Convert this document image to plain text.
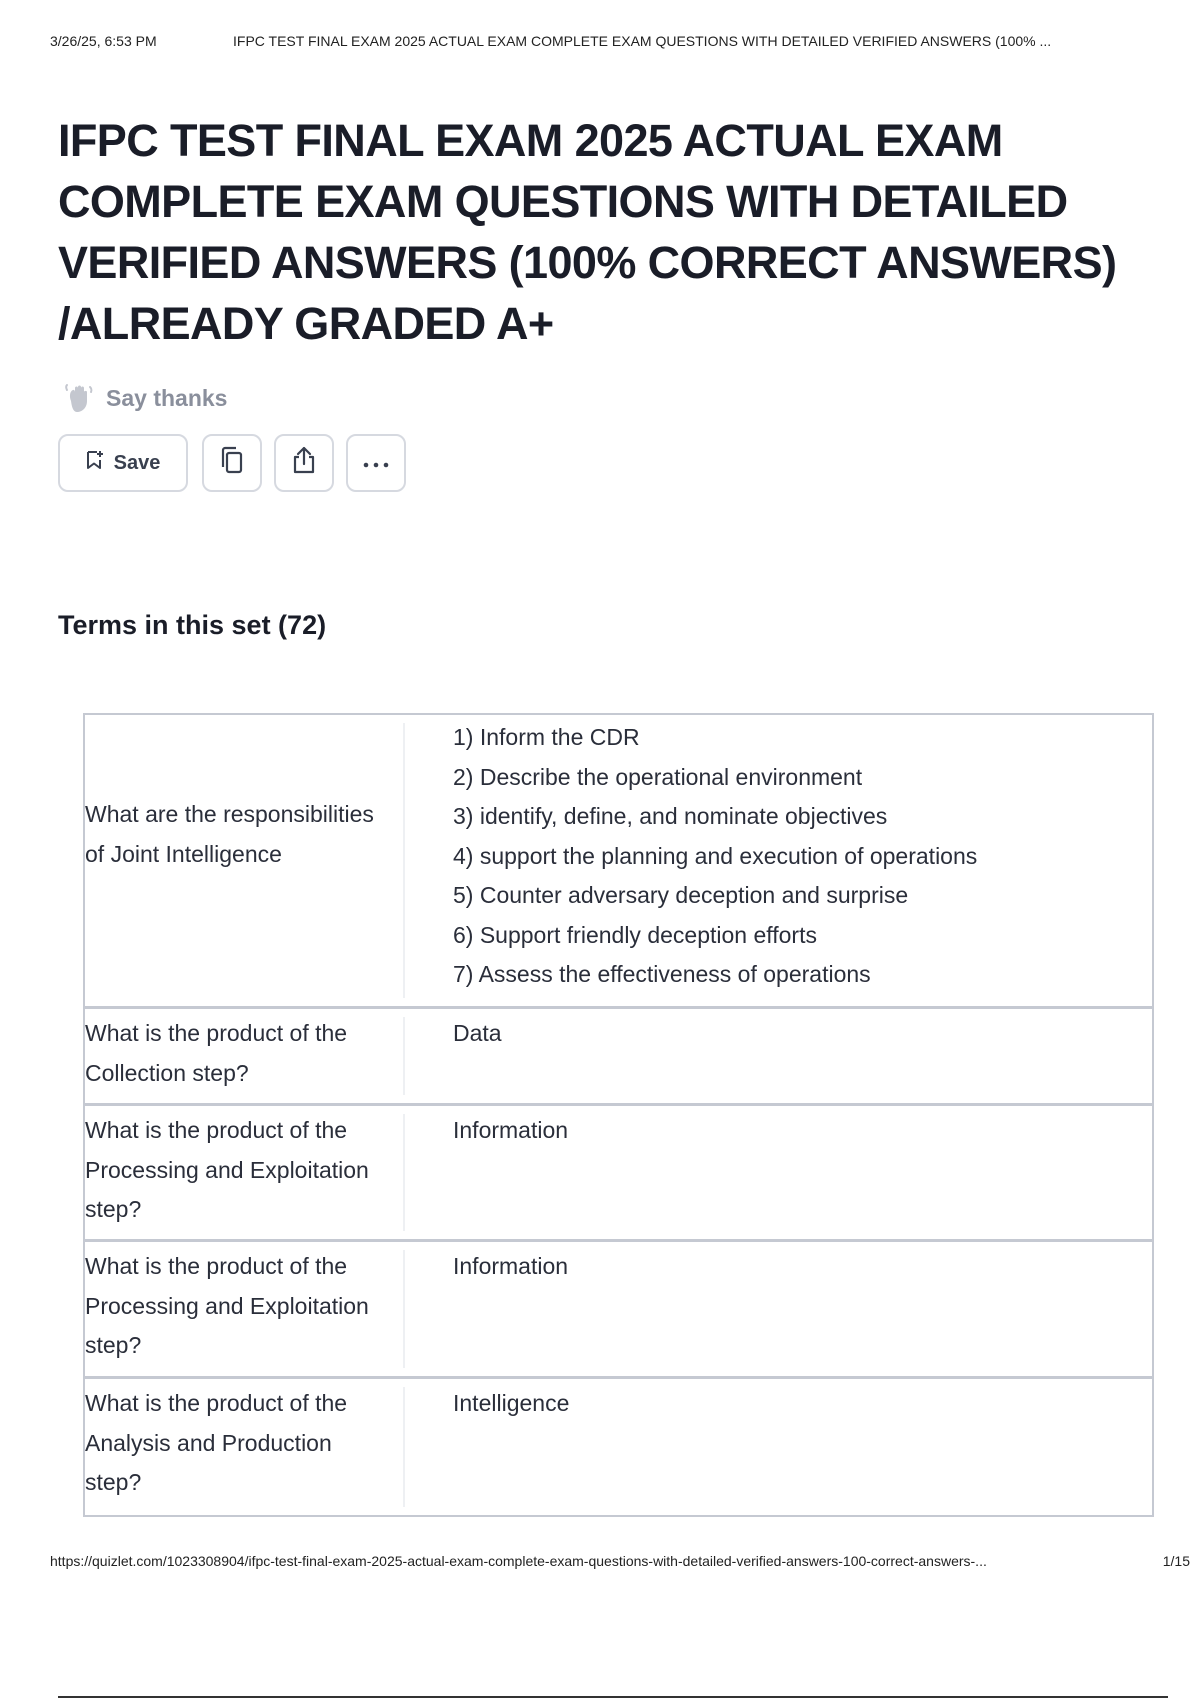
3/26/25, 6:53 PM	IFPC TEST FINAL EXAM 2025 ACTUAL EXAM COMPLETE EXAM QUESTIONS WITH DETAILED VERIFIED ANSWERS (100% ...
IFPC TEST FINAL EXAM 2025 ACTUAL EXAM COMPLETE EXAM QUESTIONS WITH DETAILED VERIFIED ANSWERS (100% CORRECT ANSWERS) /ALREADY GRADED A+
Say thanks
Save
Terms in this set (72)

What are the responsibilities of Joint Intelligence

1) Inform the CDR
2) Describe the operational environment
3) identify, define, and nominate objectives
4) support the planning and execution of operations
5) Counter adversary deception and surprise
6) Support friendly deception efforts
7) Assess the effectiveness of operations

What is the product of the Collection step?

Data

What is the product of the Processing and Exploitation step?

Information

What is the product of the Processing and Exploitation step?

Information

What is the product of the Analysis and Production step?

Intelligence

https://quizlet.com/1023308904/ifpc-test-final-exam-2025-actual-exam-complete-exam-questions-with-detailed-verified-answers-100-correct-answers-...	1/15
